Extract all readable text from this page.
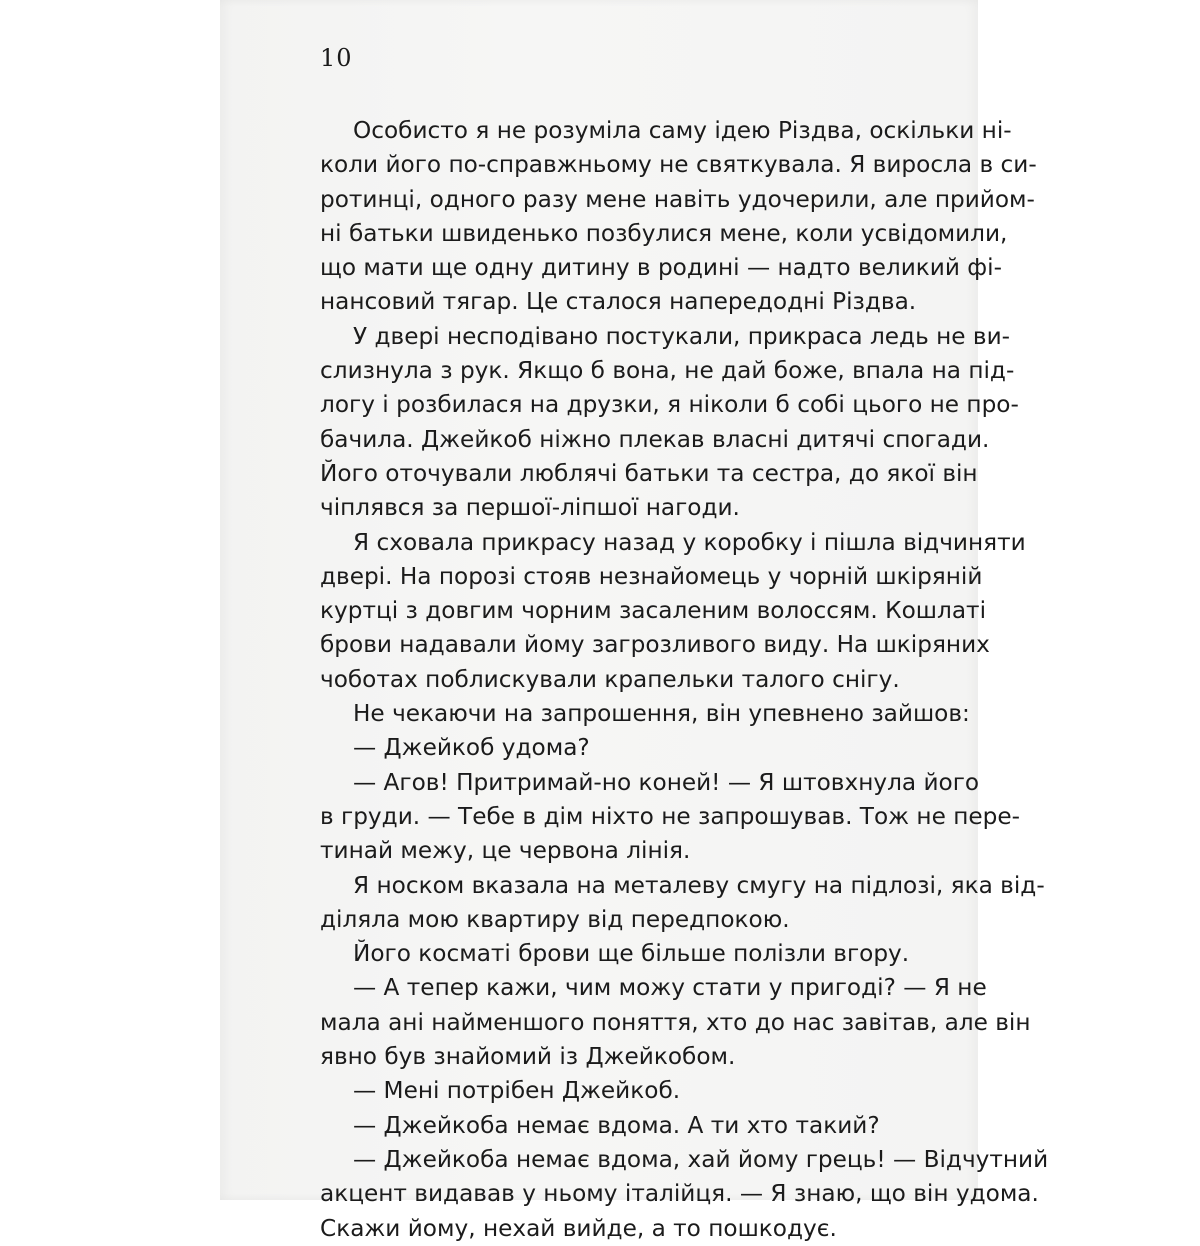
10
Особисто я не розуміла саму ідею Різдва, оскільки ні-
коли його по-справжньому не святкувала. Я виросла в си-
ротинці, одного разу мене навіть удочерили, але прийом-
ні батьки швиденько позбулися мене, коли усвідомили,
що мати ще одну дитину в родині — надто великий фі-
нансовий тягар. Це сталося напередодні Різдва.
У двері несподівано постукали, прикраса ледь не ви-
слизнула з рук. Якщо б вона, не дай боже, впала на під-
логу і розбилася на друзки, я ніколи б собі цього не про-
бачила. Джейкоб ніжно плекав власні дитячі спогади.
Його оточували люблячі батьки та сестра, до якої він
чіплявся за першої-ліпшої нагоди.
Я сховала прикрасу назад у коробку і пішла відчиняти
двері. На порозі стояв незнайомець у чорній шкіряній
куртці з довгим чорним засаленим волоссям. Кошлаті
брови надавали йому загрозливого виду. На шкіряних
чоботах поблискували крапельки талого снігу.
Не чекаючи на запрошення, він упевнено зайшов:
— Джейкоб удома?
— Агов! Притримай-но коней! — Я штовхнула його
в груди. — Тебе в дім ніхто не запрошував. Тож не пере-
тинай межу, це червона лінія.
Я носком вказала на металеву смугу на підлозі, яка від-
діляла мою квартиру від передпокою.
Його косматі брови ще більше полізли вгору.
— А тепер кажи, чим можу стати у пригоді? — Я не
мала ані найменшого поняття, хто до нас завітав, але він
явно був знайомий із Джейкобом.
— Мені потрібен Джейкоб.
— Джейкоба немає вдома. А ти хто такий?
— Джейкоба немає вдома, хай йому грець! — Відчутний
акцент видавав у ньому італійця. — Я знаю, що він удома.
Скажи йому, нехай вийде, а то пошкодує.
